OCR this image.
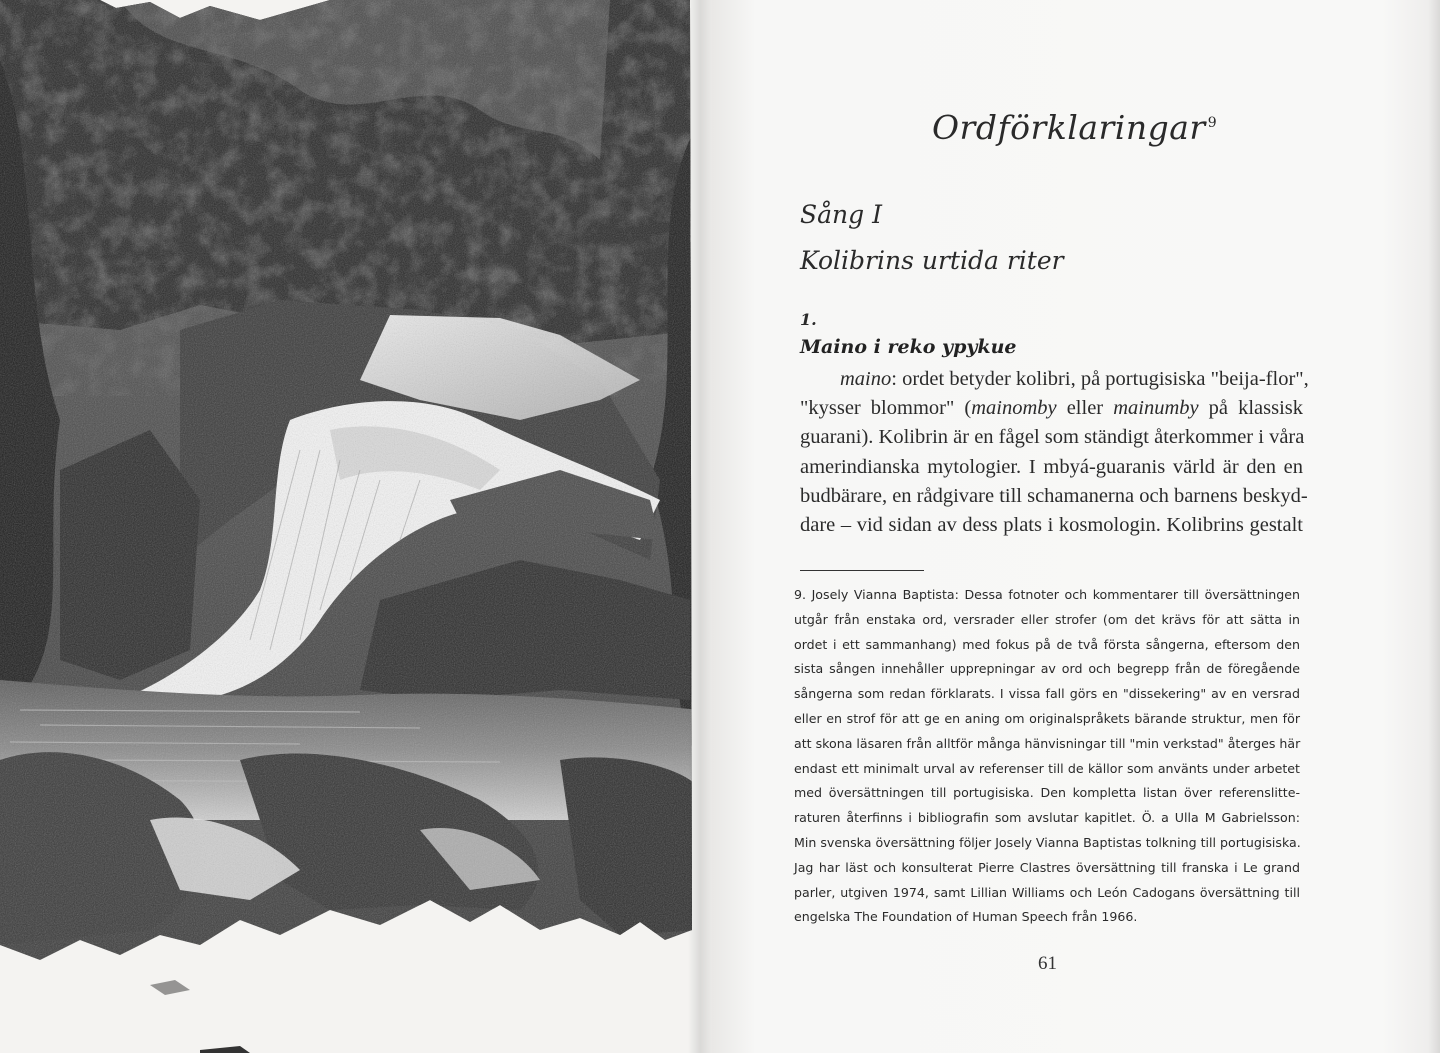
Ordförklaringar $^9$
Sång I
Kolibrins urtida riter
1.
Maino i reko ypykue
maino: ordet betyder kolibri, på portugisiska "beija-flor",
"kysser blommor" (mainomby eller mainumby på klassisk
guarani). Kolibrin är en fågel som ständigt återkommer i våra
amerindianska mytologier. I mbyá-guaranis värld är den en
budbärare, en rådgivare till schamanerna och barnens beskyd-
dare – vid sidan av dess plats i kosmologin. Kolibrins gestalt
9. Josely Vianna Baptista: Dessa fotnoter och kommentarer till översättningen
utgår från enstaka ord, versrader eller strofer (om det krävs för att sätta in
ordet i ett sammanhang) med fokus på de två första sångerna, eftersom den
sista sången innehåller upprepningar av ord och begrepp från de föregående
sångerna som redan förklarats. I vissa fall görs en "dissekering" av en versrad
eller en strof för att ge en aning om originalspråkets bärande struktur, men för
att skona läsaren från alltför många hänvisningar till "min verkstad" återges här
endast ett minimalt urval av referenser till de källor som använts under arbetet
med översättningen till portugisiska. Den kompletta listan över referenslitte-
raturen återfinns i bibliografin som avslutar kapitlet. Ö. a Ulla M Gabrielsson:
Min svenska översättning följer Josely Vianna Baptistas tolkning till portugisiska.
Jag har läst och konsulterat Pierre Clastres översättning till franska i Le grand
parler, utgiven 1974, samt Lillian Williams och León Cadogans översättning till
engelska The Foundation of Human Speech från 1966.
61
